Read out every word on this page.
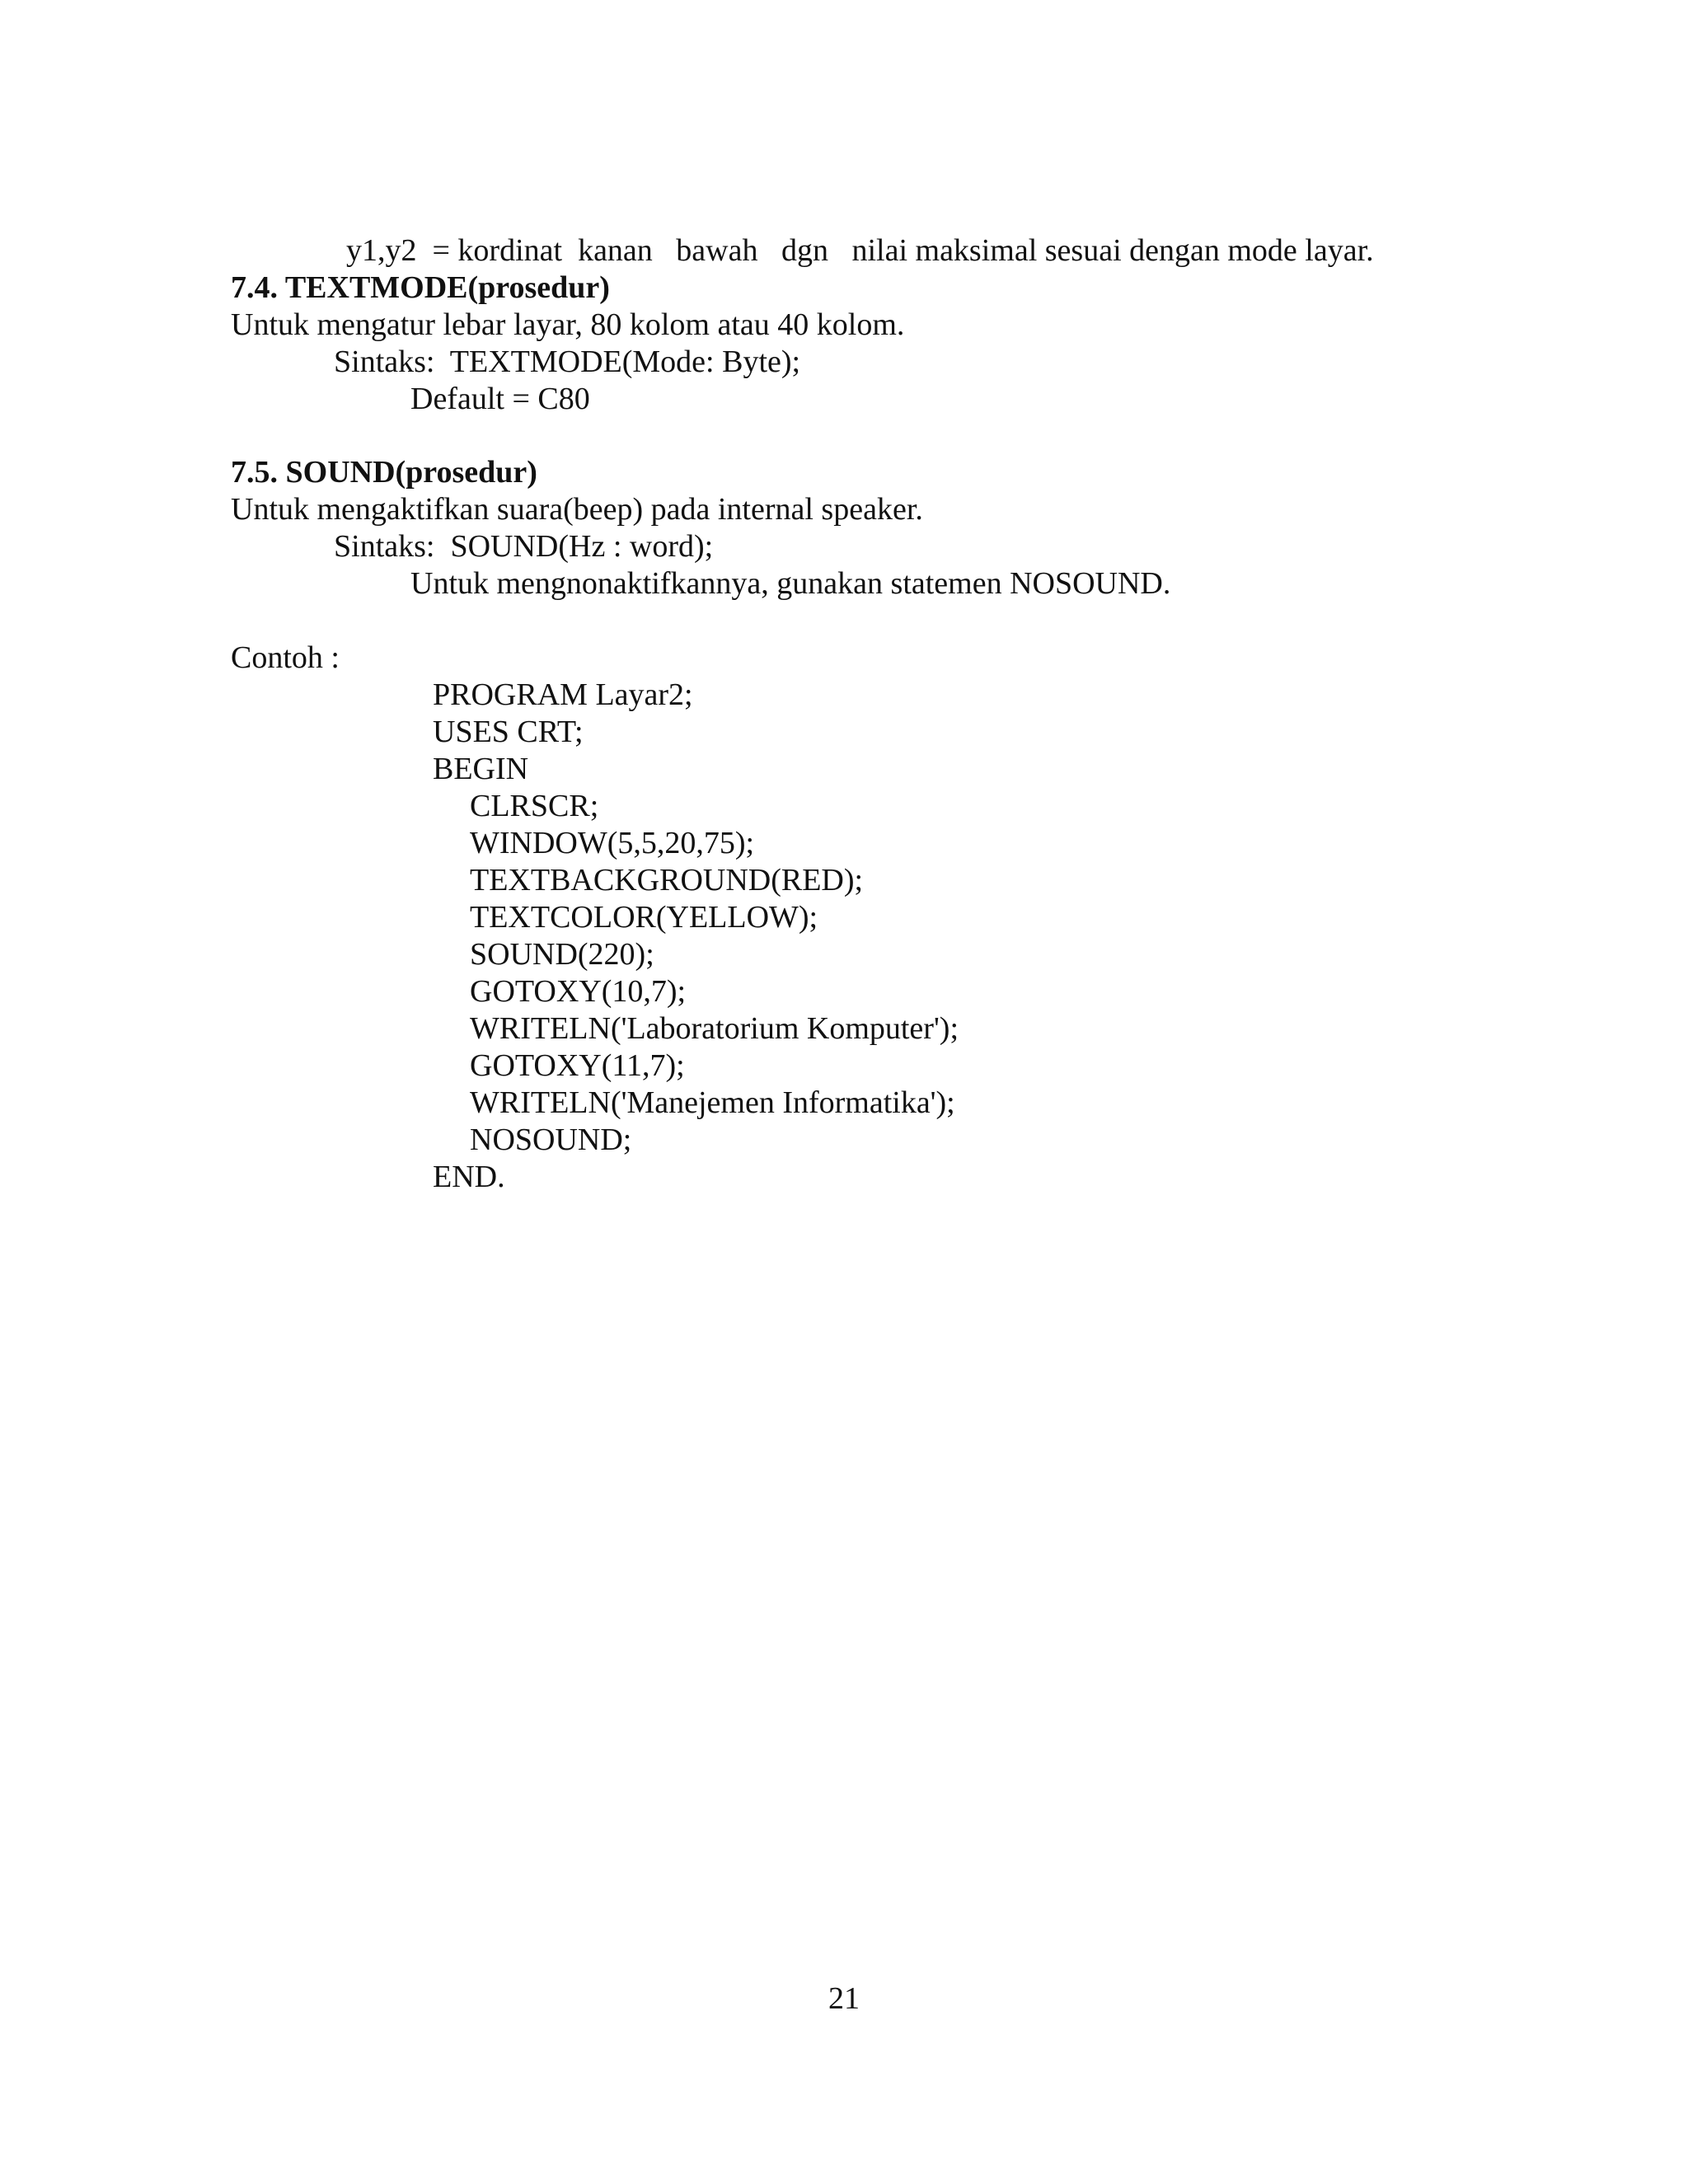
y1,y2  = kordinat  kanan   bawah   dgn   nilai maksimal sesuai dengan mode layar.
7.4. TEXTMODE(prosedur)
Untuk mengatur lebar layar, 80 kolom atau 40 kolom.
Sintaks:  TEXTMODE(Mode: Byte);
Default = C80
7.5. SOUND(prosedur)
Untuk mengaktifkan suara(beep) pada internal speaker.
Sintaks:  SOUND(Hz : word);
Untuk mengnonaktifkannya, gunakan statemen NOSOUND.
Contoh :
PROGRAM Layar2;
USES CRT;
BEGIN
CLRSCR;
WINDOW(5,5,20,75);
TEXTBACKGROUND(RED);
TEXTCOLOR(YELLOW);
SOUND(220);
GOTOXY(10,7);
WRITELN('Laboratorium Komputer');
GOTOXY(11,7);
WRITELN('Manejemen Informatika');
NOSOUND;
END.
21
